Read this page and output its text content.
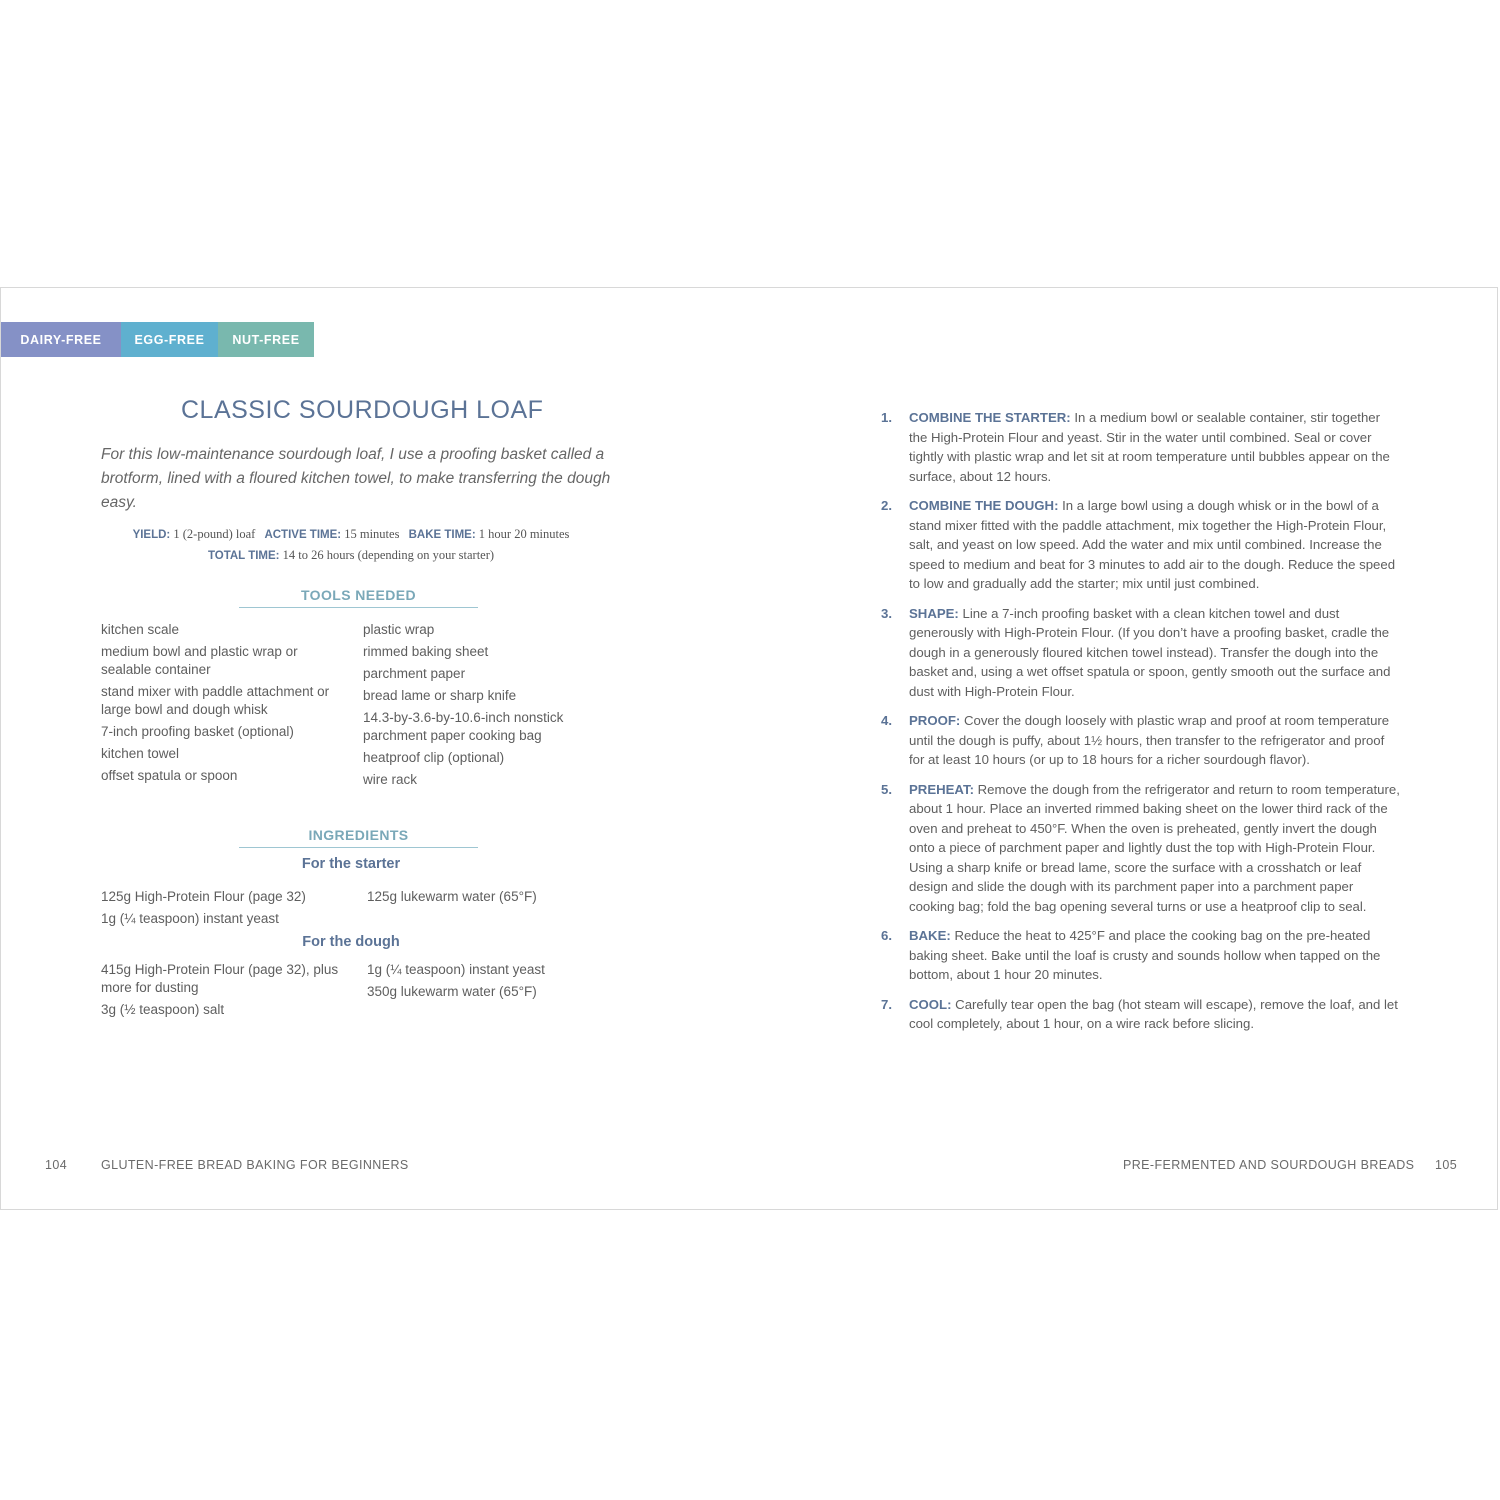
DAIRY-FREE	EGG-FREE	NUT-FREE
CLASSIC SOURDOUGH LOAF

For this low-maintenance sourdough loaf, I use a proofing basket called a brotform, lined with a floured kitchen towel, to make transferring the dough easy.

YIELD: 1 (2-pound) loaf ACTIVE TIME: 15 minutes BAKE TIME: 1 hour 20 minutes
TOTAL TIME: 14 to 26 hours (depending on your starter)
TOOLS NEEDED
kitchen scale
medium bowl and plastic wrap or sealable container
stand mixer with paddle attachment or large bowl and dough whisk
7-inch proofing basket (optional)
kitchen towel
offset spatula or spoon
plastic wrap
rimmed baking sheet
parchment paper
bread lame or sharp knife
14.3-by-3.6-by-10.6-inch nonstick parchment paper cooking bag
heatproof clip (optional)
wire rack
INGREDIENTS
For the starter
125g High-Protein Flour (page 32)
1g (¼ teaspoon) instant yeast
125g lukewarm water (65°F)
For the dough
415g High-Protein Flour (page 32), plus more for dusting
3g (½ teaspoon) salt
1g (¼ teaspoon) instant yeast
350g lukewarm water (65°F)
1.	COMBINE THE STARTER: In a medium bowl or sealable container, stir together the High-Protein Flour and yeast. Stir in the water until combined. Seal or cover tightly with plastic wrap and let sit at room temperature until bubbles appear on the surface, about 12 hours.
2.	COMBINE THE DOUGH: In a large bowl using a dough whisk or in the bowl of a stand mixer fitted with the paddle attachment, mix together the High-Protein Flour, salt, and yeast on low speed. Add the water and mix until combined. Increase the speed to medium and beat for 3 minutes to add air to the dough. Reduce the speed to low and gradually add the starter; mix until just combined.
3.	SHAPE: Line a 7-inch proofing basket with a clean kitchen towel and dust generously with High-Protein Flour. (If you don’t have a proofing basket, cradle the dough in a generously floured kitchen towel instead). Transfer the dough into the basket and, using a wet offset spatula or spoon, gently smooth out the surface and dust with High-Protein Flour.
4.	PROOF: Cover the dough loosely with plastic wrap and proof at room temperature until the dough is puffy, about 1½ hours, then transfer to the refrigerator and proof for at least 10 hours (or up to 18 hours for a richer sourdough flavor).
5.	PREHEAT: Remove the dough from the refrigerator and return to room temperature, about 1 hour. Place an inverted rimmed baking sheet on the lower third rack of the oven and preheat to 450°F. When the oven is preheated, gently invert the dough onto a piece of parchment paper and lightly dust the top with High-Protein Flour. Using a sharp knife or bread lame, score the surface with a crosshatch or leaf design and slide the dough with its parchment paper into a parchment paper cooking bag; fold the bag opening several turns or use a heatproof clip to seal.
6.	BAKE: Reduce the heat to 425°F and place the cooking bag on the pre-heated baking sheet. Bake until the loaf is crusty and sounds hollow when tapped on the bottom, about 1 hour 20 minutes.
7.	COOL: Carefully tear open the bag (hot steam will escape), remove the loaf, and let cool completely, about 1 hour, on a wire rack before slicing.
104	GLUTEN-FREE BREAD BAKING FOR BEGINNERS	PRE-FERMENTED AND SOURDOUGH BREADS 105
